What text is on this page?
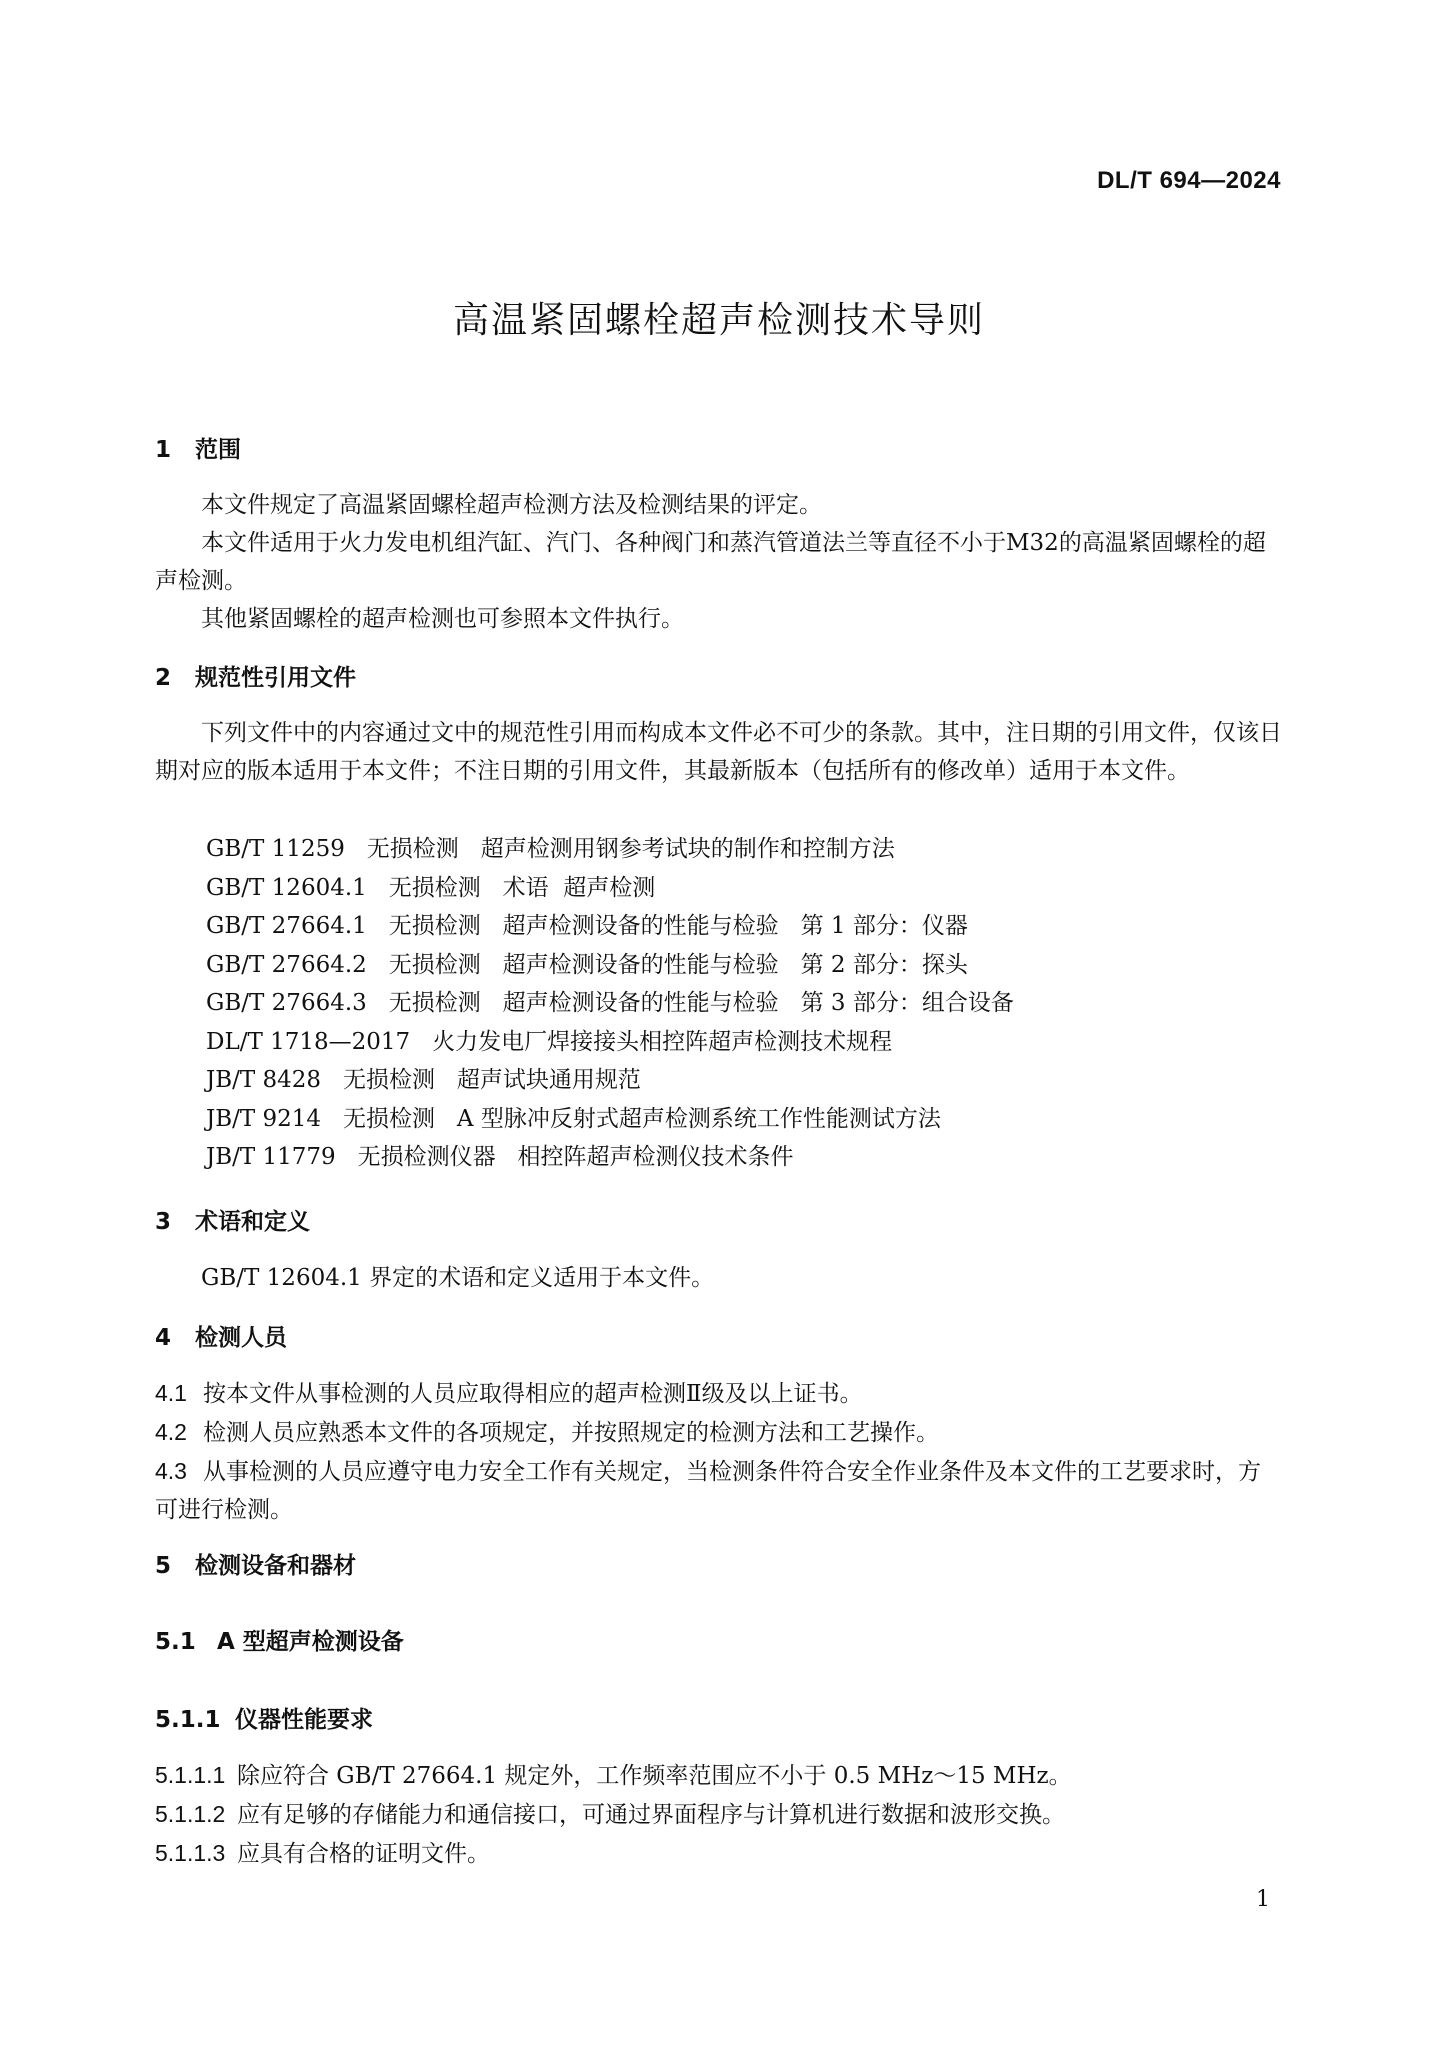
DL/T 694—2024
高温紧固螺栓超声检测技术导则

1 范围

本文件规定了高温紧固螺栓超声检测方法及检测结果的评定。

本文件适用于火力发电机组汽缸、汽门、各种阀门和蒸汽管道法兰等直径不小于M32的高温紧固螺栓的超声检测。

其他紧固螺栓的超声检测也可参照本文件执行。

2 规范性引用文件

下列文件中的内容通过文中的规范性引用而构成本文件必不可少的条款。其中，注日期的引用文件，仅该日期对应的版本适用于本文件；不注日期的引用文件，其最新版本（包括所有的修改单）适用于本文件。

GB/T 11259   无损检测   超声检测用钢参考试块的制作和控制方法

GB/T 12604.1   无损检测   术语  超声检测

GB/T 27664.1   无损检测   超声检测设备的性能与检验   第 1 部分：仪器

GB/T 27664.2   无损检测   超声检测设备的性能与检验   第 2 部分：探头

GB/T 27664.3   无损检测   超声检测设备的性能与检验   第 3 部分：组合设备

DL/T 1718—2017   火力发电厂焊接接头相控阵超声检测技术规程

JB/T 8428   无损检测   超声试块通用规范

JB/T 9214   无损检测   A 型脉冲反射式超声检测系统工作性能测试方法

JB/T 11779   无损检测仪器   相控阵超声检测仪技术条件

3 术语和定义

GB/T 12604.1 界定的术语和定义适用于本文件。

4 检测人员

4.1 按本文件从事检测的人员应取得相应的超声检测Ⅱ级及以上证书。

4.2 检测人员应熟悉本文件的各项规定，并按照规定的检测方法和工艺操作。

4.3 从事检测的人员应遵守电力安全工作有关规定，当检测条件符合安全作业条件及本文件的工艺要求时，方可进行检测。

5 检测设备和器材

5.1 A 型超声检测设备

5.1.1 仪器性能要求

5.1.1.1 除应符合 GB/T 27664.1 规定外，工作频率范围应不小于 0.5 MHz～15 MHz。

5.1.1.2 应有足够的存储能力和通信接口，可通过界面程序与计算机进行数据和波形交换。

5.1.1.3 应具有合格的证明文件。

1
